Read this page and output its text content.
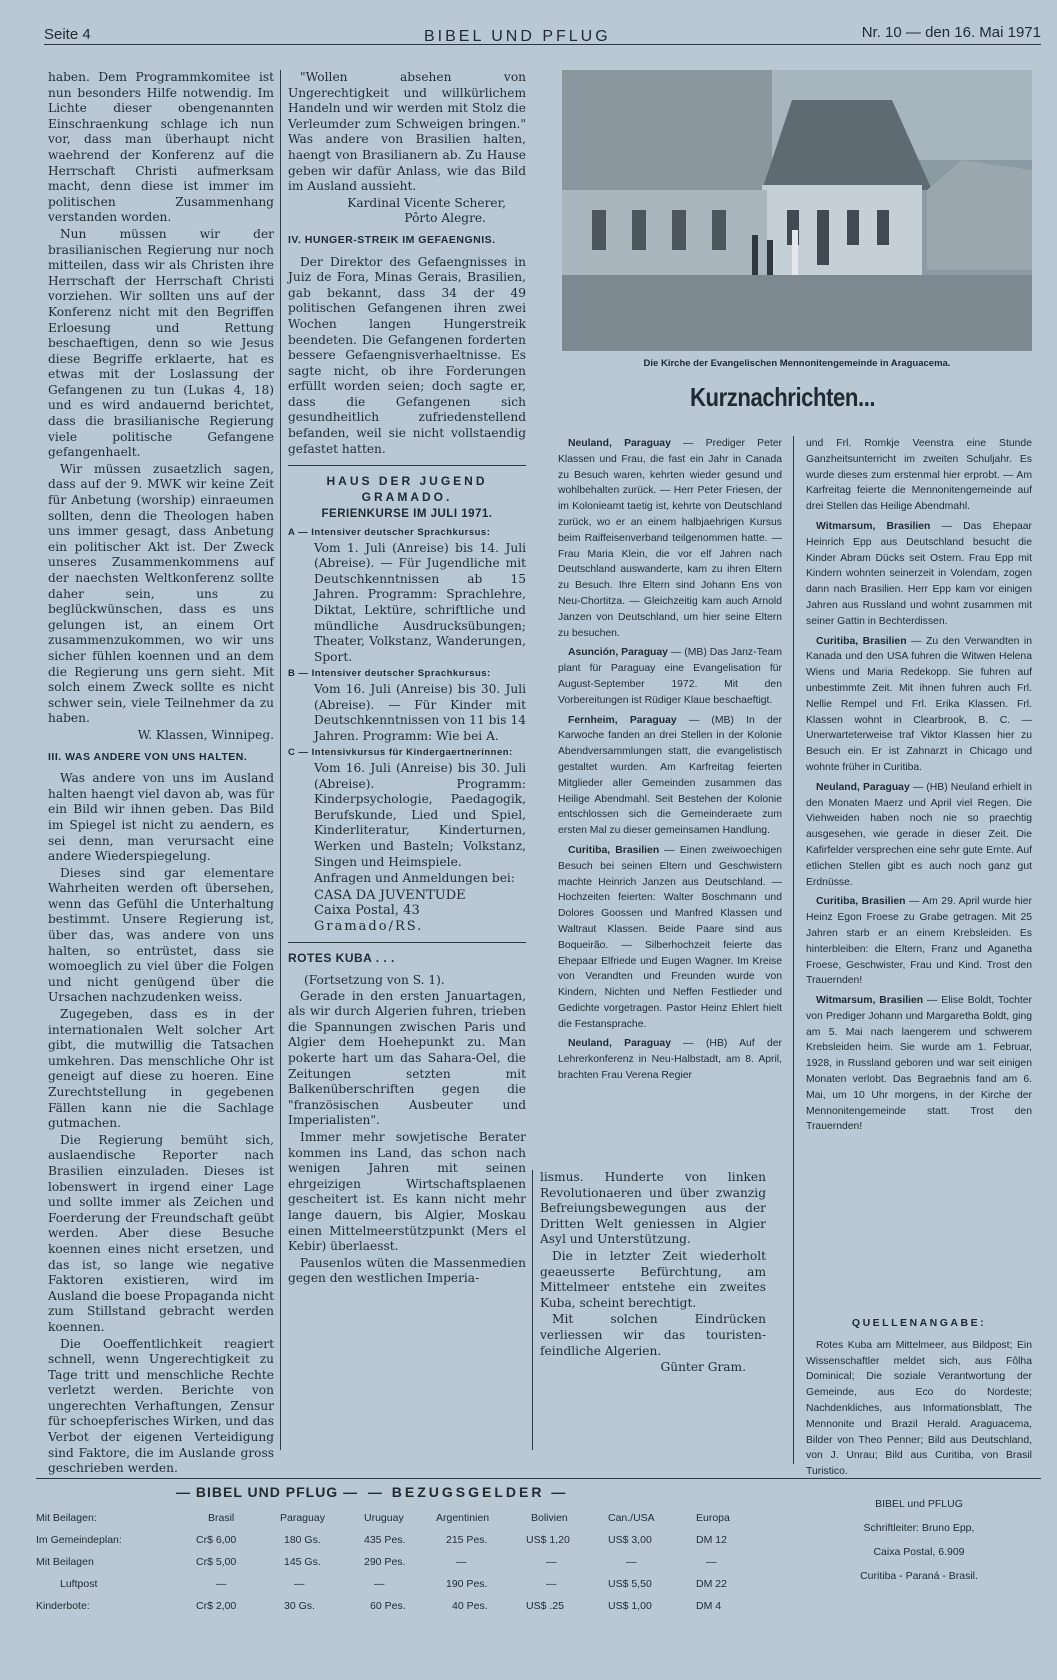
Seite 4	BIBEL UND PFLUG	Nr. 10 — den 16. Mai 1971

haben. Dem Programmkomitee ist nun besonders Hilfe notwendig. Im Lichte dieser obengenannten Einschraenkung schlage ich nun vor, dass man überhaupt nicht waehrend der Konferenz auf die Herrschaft Christi aufmerksam macht, denn diese ist immer im politischen Zusammenhang verstanden worden.

Nun müssen wir der brasilianischen Regierung nur noch mitteilen, dass wir als Christen ihre Herrschaft der Herrschaft Christi vorziehen. Wir sollten uns auf der Konferenz nicht mit den Begriffen Erloesung und Rettung beschaeftigen, denn so wie Jesus diese Begriffe erklaerte, hat es etwas mit der Loslassung der Gefangenen zu tun (Lukas 4, 18) und es wird andauernd berichtet, dass die brasilianische Regierung viele politische Gefangene gefangenhaelt.

Wir müssen zusaetzlich sagen, dass auf der 9. MWK wir keine Zeit für Anbetung (worship) einraeumen sollten, denn die Theologen haben uns immer gesagt, dass Anbetung ein politischer Akt ist. Der Zweck unseres Zusammenkommens auf der naechsten Weltkonferenz sollte daher sein, uns zu beglückwünschen, dass es uns gelungen ist, an einem Ort zusammenzukommen, wo wir uns sicher fühlen koennen und an dem die Regierung uns gern sieht. Mit solch einem Zweck sollte es nicht schwer sein, viele Teilnehmer da zu haben.

W. Klassen, Winnipeg.
III. WAS ANDERE VON UNS HALTEN.

Was andere von uns im Ausland halten haengt viel davon ab, was für ein Bild wir ihnen geben. Das Bild im Spiegel ist nicht zu aendern, es sei denn, man verursacht eine andere Wiederspiegelung.

Dieses sind gar elementare Wahrheiten werden oft übersehen, wenn das Gefühl die Unterhaltung bestimmt. Unsere Regierung ist, über das, was andere von uns halten, so entrüstet, dass sie womoeglich zu viel über die Folgen und nicht genügend über die Ursachen nachzudenken weiss.

Zugegeben, dass es in der internationalen Welt solcher Art gibt, die mutwillig die Tatsachen umkehren. Das menschliche Ohr ist geneigt auf diese zu hoeren. Eine Zurechtstellung in gegebenen Fällen kann nie die Sachlage gutmachen.

Die Regierung bemüht sich, auslaendische Reporter nach Brasilien einzuladen. Dieses ist lobenswert in irgend einer Lage und sollte immer als Zeichen und Foerderung der Freundschaft geübt werden. Aber diese Besuche koennen eines nicht ersetzen, und das ist, so lange wie negative Faktoren existieren, wird im Ausland die boese Propaganda nicht zum Stillstand gebracht werden koennen.

Die Ooeffentlichkeit reagiert schnell, wenn Ungerechtigkeit zu Tage tritt und menschliche Rechte verletzt werden. Berichte von ungerechten Verhaftungen, Zensur für schoepferisches Wirken, und das Verbot der eigenen Verteidigung sind Faktore, die im Auslande gross geschrieben werden.

"Wollen absehen von Ungerechtigkeit und willkürlichem Handeln und wir werden mit Stolz die Verleumder zum Schweigen bringen." Was andere von Brasilien halten, haengt von Brasilianern ab. Zu Hause geben wir dafür Anlass, wie das Bild im Ausland aussieht.

Kardinal Vicente Scherer,
Pôrto Alegre.
IV. HUNGER-STREIK IM GEFAENGNIS.

Der Direktor des Gefaengnisses in Juiz de Fora, Minas Gerais, Brasilien, gab bekannt, dass 34 der 49 politischen Gefangenen ihren zwei Wochen langen Hungerstreik beendeten. Die Gefangenen forderten bessere Gefaengnisverhaeltnisse. Es sagte nicht, ob ihre Forderungen erfüllt worden seien; doch sagte er, dass die Gefangenen sich gesundheitlich zufriedenstellend befanden, weil sie nicht vollstaendig gefastet hatten.

HAUS DER JUGEND GRAMADO.
FERIENKURSE IM JULI 1971.
A — Intensiver deutscher Sprachkursus:

Vom 1. Juli (Anreise) bis 14. Juli (Abreise). — Für Jugendliche mit Deutschkenntnissen ab 15 Jahren. Programm: Sprachlehre, Diktat, Lektüre, schriftliche und mündliche Ausdrucksübungen; Theater, Volkstanz, Wanderungen, Sport.

B — Intensiver deutscher Sprachkursus:

Vom 16. Juli (Anreise) bis 30. Juli (Abreise). — Für Kinder mit Deutschkenntnissen von 11 bis 14 Jahren. Programm: Wie bei A.

C — Intensivkursus für Kindergaertnerinnen:

Vom 16. Juli (Anreise) bis 30. Juli (Abreise). Programm: Kinderpsychologie, Paedagogik, Berufskunde, Lied und Spiel, Kinderliteratur, Kinderturnen, Werken und Basteln; Volkstanz, Singen und Heimspiele.

Anfragen und Anmeldungen bei:

CASA DA JUVENTUDE
Caixa Postal, 43
Gramado/RS.
ROTES KUBA . . .
(Fortsetzung von S. 1).

Gerade in den ersten Januartagen, als wir durch Algerien fuhren, trieben die Spannungen zwischen Paris und Algier dem Hoehepunkt zu. Man pokerte hart um das Sahara-Oel, die Zeitungen setzten mit Balkenüberschriften gegen die "französischen Ausbeuter und Imperialisten".

Immer mehr sowjetische Berater kommen ins Land, das schon nach wenigen Jahren mit seinen ehrgeizigen Wirtschaftsplaenen gescheitert ist. Es kann nicht mehr lange dauern, bis Algier, Moskau einen Mittelmeerstützpunkt (Mers el Kebir) überlaesst.

Pausenlos wüten die Massenmedien gegen den westlichen Imperia-

Die Kirche der Evangelischen Mennonitengemeinde in Araguacema.
Kurznachrichten...

Neuland, Paraguay — Prediger Peter Klassen und Frau, die fast ein Jahr in Canada zu Besuch waren, kehrten wieder gesund und wohlbehalten zurück. — Herr Peter Friesen, der im Kolonieamt taetig ist, kehrte von Deutschland zurück, wo er an einem halbjaehrigen Kursus beim Raiffeisenverband teilgenommen hatte. — Frau Maria Klein, die vor elf Jahren nach Deutschland auswanderte, kam zu ihren Eltern zu Besuch. Ihre Eltern sind Johann Ens von Neu-Chortitza. — Gleichzeitig kam auch Arnold Janzen von Deutschland, um hier seine Eltern zu besuchen.

Asunción, Paraguay — (MB) Das Janz-Team plant für Paraguay eine Evangelisation für August-September 1972. Mit den Vorbereitungen ist Rüdiger Klaue beschaeftigt.

Fernheim, Paraguay — (MB) In der Karwoche fanden an drei Stellen in der Kolonie Abendversammlungen statt, die evangelistisch gestaltet wurden. Am Karfreitag feierten Mitglieder aller Gemeinden zusammen das Heilige Abendmahl. Seit Bestehen der Kolonie entschlossen sich die Gemeinderaete zum ersten Mal zu dieser gemeinsamen Handlung.

Curitiba, Brasilien — Einen zweiwoechigen Besuch bei seinen Eltern und Geschwistern machte Heinrich Janzen aus Deutschland. — Hochzeiten feierten: Walter Boschmann und Dolores Goossen und Manfred Klassen und Waltraut Klassen. Beide Paare sind aus Boqueirão. — Silberhochzeit feierte das Ehepaar Elfriede und Eugen Wagner. Im Kreise von Verandten und Freunden wurde von Kindern, Nichten und Neffen Festlieder und Gedichte vorgetragen. Pastor Heinz Ehlert hielt die Festansprache.

Neuland, Paraguay — (HB) Auf der Lehrerkonferenz in Neu-Halbstadt, am 8. April, brachten Frau Verena Regier

und Frl. Romkje Veenstra eine Stunde Ganzheitsunterricht im zweiten Schuljahr. Es wurde dieses zum erstenmal hier erprobt. — Am Karfreitag feierte die Mennonitengemeinde auf drei Stellen das Heilige Abendmahl.

Witmarsum, Brasilien — Das Ehepaar Heinrich Epp aus Deutschland besucht die Kinder Abram Dücks seit Ostern. Frau Epp mit Kindern wohnten seinerzeit in Volendam, zogen dann nach Brasilien. Herr Epp kam vor einigen Jahren aus Russland und wohnt zusammen mit seiner Gattin in Bechterdissen.

Curitiba, Brasilien — Zu den Verwandten in Kanada und den USA fuhren die Witwen Helena Wiens und Maria Redekopp. Sie fuhren auf unbestimmte Zeit. Mit ihnen fuhren auch Frl. Nellie Rempel und Frl. Erika Klassen. Frl. Klassen wohnt in Clearbrook, B. C. — Unerwarteterweise traf Viktor Klassen hier zu Besuch ein. Er ist Zahnarzt in Chicago und wohnte früher in Curitiba.

Neuland, Paraguay — (HB) Neuland erhielt in den Monaten Maerz und April viel Regen. Die Viehweiden haben noch nie so praechtig ausgesehen, wie gerade in dieser Zeit. Die Kafirfelder versprechen eine sehr gute Ernte. Auf etlichen Stellen gibt es auch noch ganz gut Erdnüsse.

Curitiba, Brasilien — Am 29. April wurde hier Heinz Egon Froese zu Grabe getragen. Mit 25 Jahren starb er an einem Krebsleiden. Es hinterbleiben: die Eltern, Franz und Aganetha Froese, Geschwister, Frau und Kind. Trost den Trauernden!

Witmarsum, Brasilien — Elise Boldt, Tochter von Prediger Johann und Margaretha Boldt, ging am 5. Mai nach laengerem und schwerem Krebsleiden heim. Sie wurde am 1. Februar, 1928, in Russland geboren und war seit einigen Monaten verlobt. Das Begraebnis fand am 6. Mai, um 10 Uhr morgens, in der Kirche der Mennonitengemeinde statt. Trost den Trauernden!

lismus. Hunderte von linken Revolutionaeren und über zwanzig Befreiungsbewegungen aus der Dritten Welt geniessen in Algier Asyl und Unterstützung.

Die in letzter Zeit wiederholt geaeusserte Befürchtung, am Mittelmeer entstehe ein zweites Kuba, scheint berechtigt.

Mit solchen Eindrücken verliessen wir das touristen-feindliche Algerien.

Günter Gram.
QUELLENANGABE:

Rotes Kuba am Mittelmeer, aus Bildpost; Ein Wissenschaftler meldet sich, aus Fôlha Dominical; Die soziale Verantwortung der Gemeinde, aus Eco do Nordeste; Nachdenkliches, aus Informationsblatt, The Mennonite und Brazil Herald. Araguacema, Bilder von Theo Penner; Bild aus Deutschland, von J. Unrau; Bild aus Curitiba, von Brasil Turistico.

BIBEL und PFLUG
Schriftleiter: Bruno Epp,
Caixa Postal, 6.909
Curitiba - Paraná - Brasil.
— BIBEL UND PFLUG — — BEZUGSGELDER —
Mit Beilagen:	Brasil	Paraguay	Uruguay	Argentinien	Bolivien	Can./USA	Europa
Im Gemeindeplan:	Cr$ 6,00	180 Gs.	435 Pes.	215 Pes.	US$ 1,20	US$ 3,00	DM 12
Mit Beilagen	Cr$ 5,00	145 Gs.	290 Pes.	—	—	—	—
Luftpost	—	—	—	190 Pes.	—	US$ 5,50	DM 22
Kinderbote:	Cr$ 2,00	30 Gs.	60 Pes.	40 Pes.	US$ .25	US$ 1,00	DM 4
